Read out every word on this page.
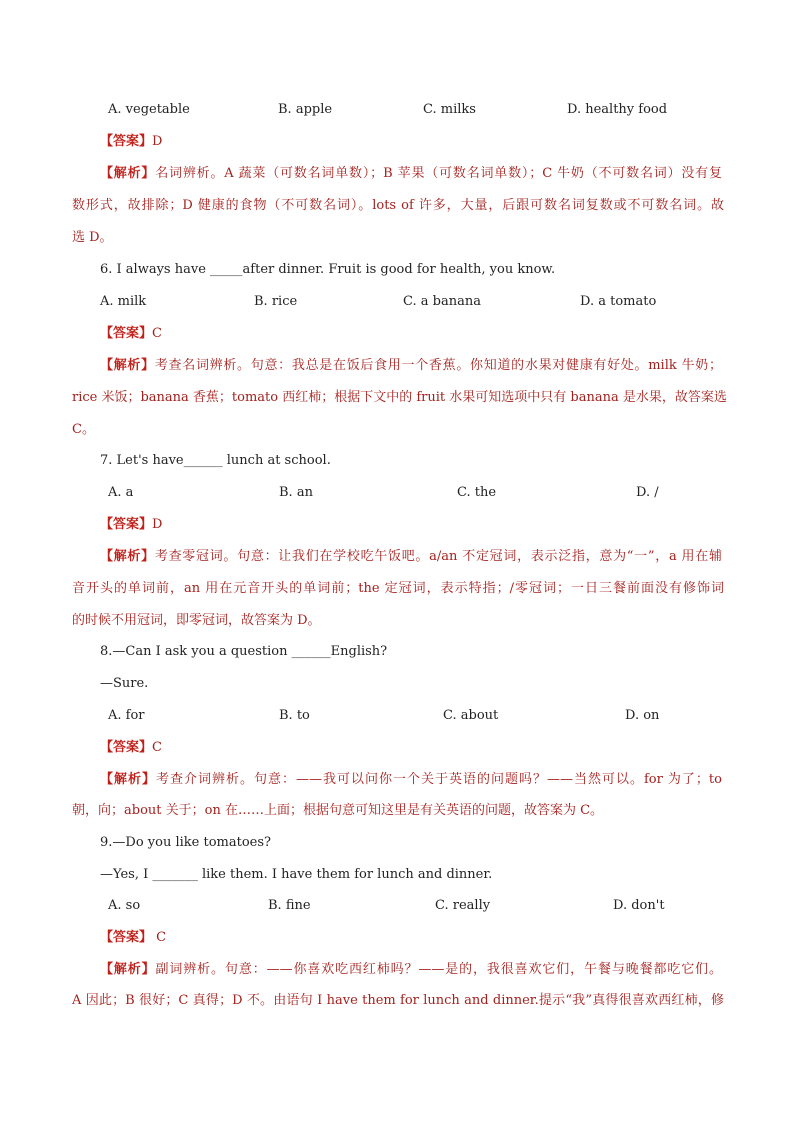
A. vegetable	B. apple	C. milks	D. healthy food
【答案】D
【解析】名词辨析。A 蔬菜（可数名词单数）；B 苹果（可数名词单数）；C 牛奶（不可数名词）没有复
数形式，故排除；D 健康的食物（不可数名词）。lots of 许多，大量，后跟可数名词复数或不可数名词。故
选 D。
6. I always have _____after dinner. Fruit is good for health, you know.
A. milk	B. rice	C. a banana	D. a tomato
【答案】C
【解析】考查名词辨析。句意：我总是在饭后食用一个香蕉。你知道的水果对健康有好处。milk 牛奶；
rice 米饭；banana 香蕉；tomato 西红柿；根据下文中的 fruit 水果可知选项中只有 banana 是水果，故答案选
C。
7. Let's have______ lunch at school.
A. a	B. an	C. the	D. /
【答案】D
【解析】考查零冠词。句意：让我们在学校吃午饭吧。a/an 不定冠词，表示泛指，意为“一”，a 用在辅
音开头的单词前，an 用在元音开头的单词前；the 定冠词，表示特指；/零冠词；一日三餐前面没有修饰词
的时候不用冠词，即零冠词，故答案为 D。
8.—Can I ask you a question ______English?
—Sure.
A. for	B. to	C. about	D. on
【答案】C
【解析】考查介词辨析。句意：——我可以问你一个关于英语的问题吗？——当然可以。for 为了；to
朝，向；about 关于；on 在……上面；根据句意可知这里是有关英语的问题，故答案为 C。
9.—Do you like tomatoes?
—Yes, I _______ like them. I have them for lunch and dinner.
A. so	B. fine	C. really	D. don't
【答案】 C
【解析】副词辨析。句意：——你喜欢吃西红柿吗？——是的，我很喜欢它们，午餐与晚餐都吃它们。
A 因此；B 很好；C 真得；D 不。由语句 I have them for lunch and dinner.提示“我”真得很喜欢西红柿，修
